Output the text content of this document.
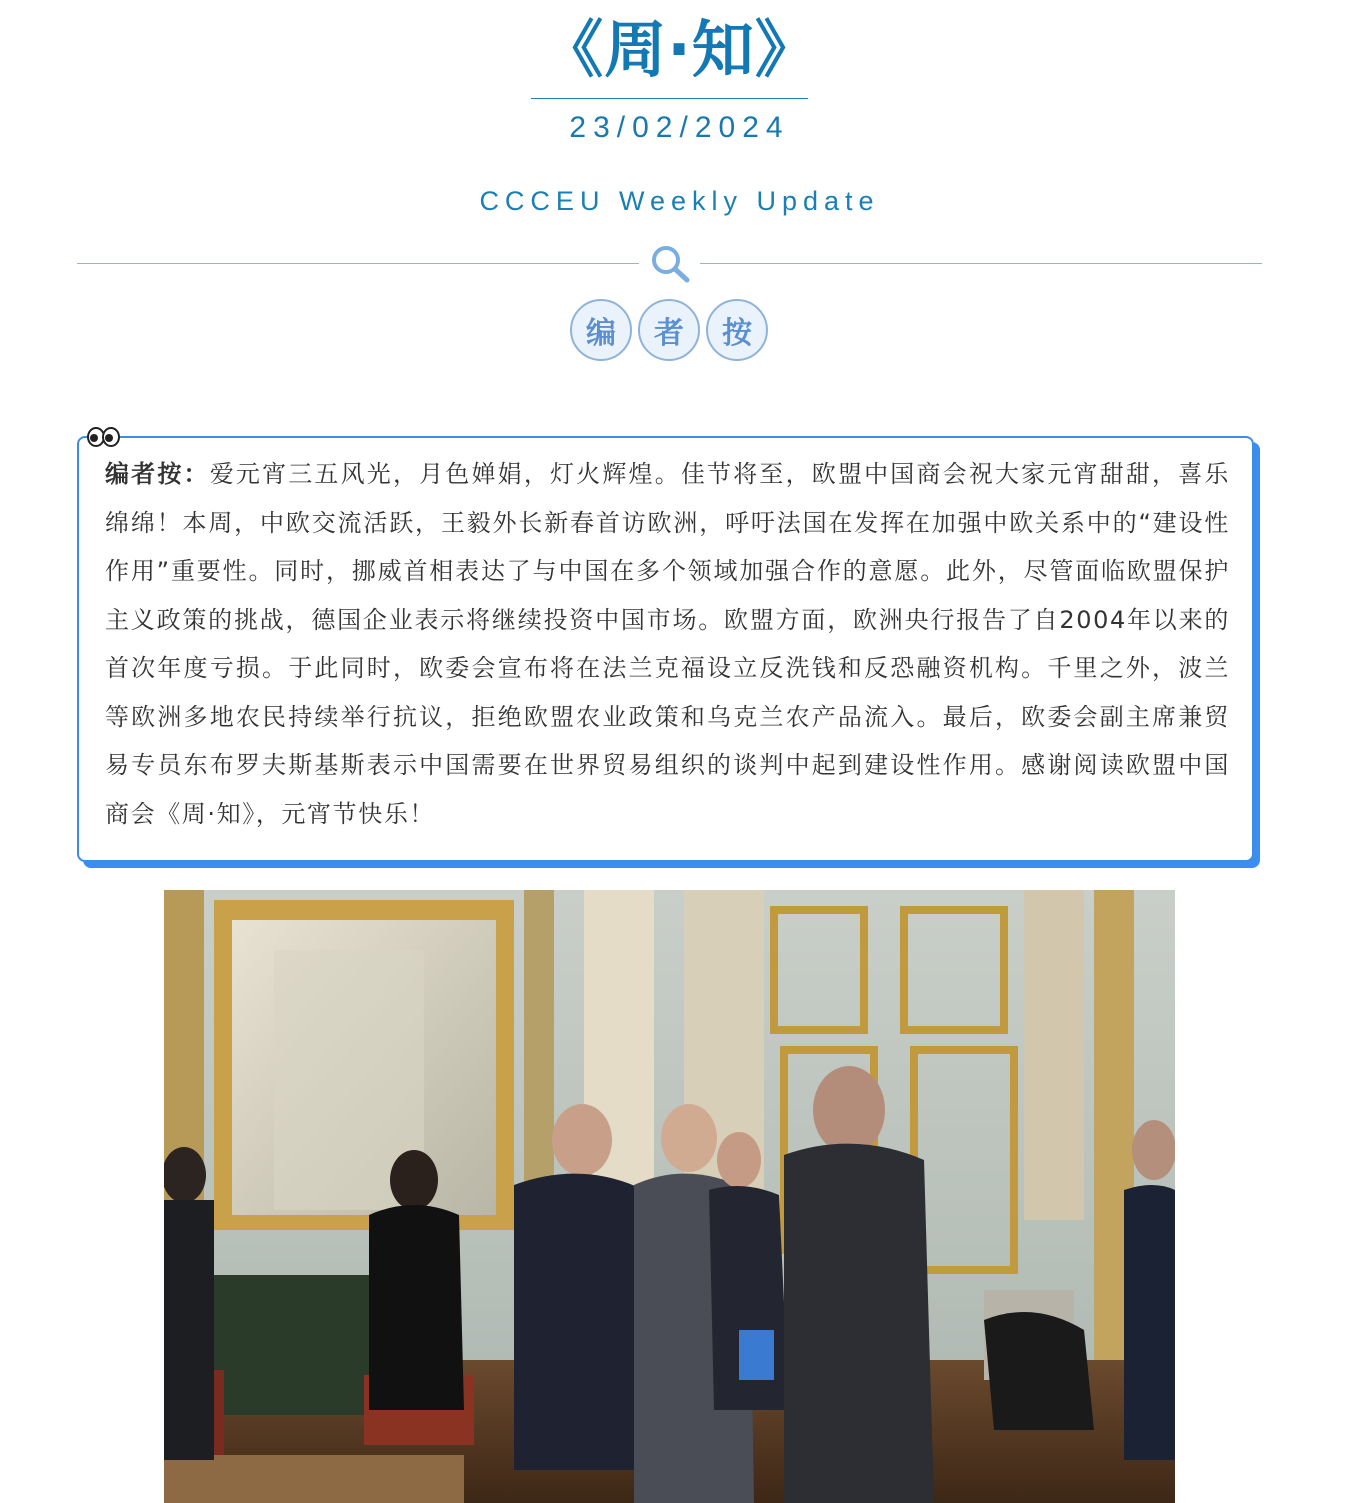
《周·知》
23/02/2024
CCCEU Weekly Update
编	者	按
编者按：爱元宵三五风光，月色婵娟，灯火辉煌。佳节将至，欧盟中国商会祝大家元宵甜甜，喜乐绵绵！本周，中欧交流活跃，王毅外长新春首访欧洲，呼吁法国在发挥在加强中欧关系中的“建设性作用”重要性。同时，挪威首相表达了与中国在多个领域加强合作的意愿。此外，尽管面临欧盟保护主义政策的挑战，德国企业表示将继续投资中国市场。欧盟方面，欧洲央行报告了自2004年以来的首次年度亏损。于此同时，欧委会宣布将在法兰克福设立反洗钱和反恐融资机构。千里之外，波兰等欧洲多地农民持续举行抗议，拒绝欧盟农业政策和乌克兰农产品流入。最后，欧委会副主席兼贸易专员东布罗夫斯基斯表示中国需要在世界贸易组织的谈判中起到建设性作用。感谢阅读欧盟中国商会《周·知》，元宵节快乐！
